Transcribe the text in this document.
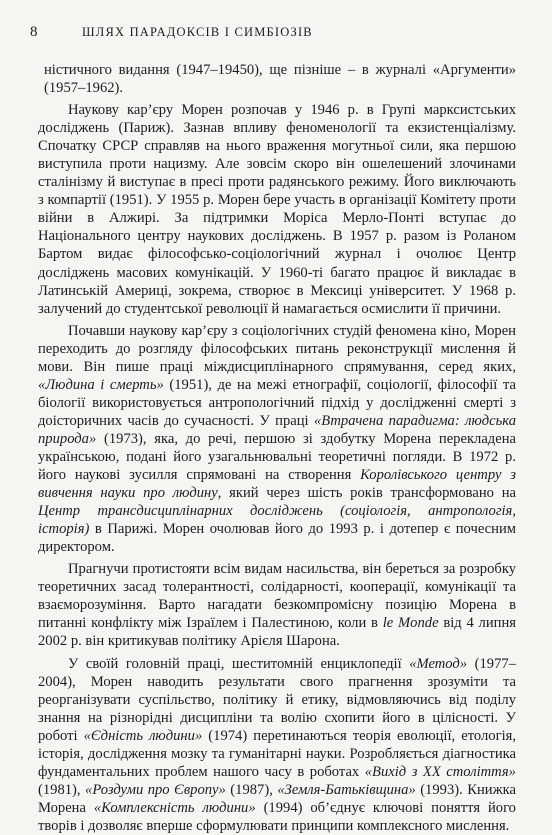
8	ШЛЯХ ПАРАДОКСІВ І СИМБІОЗІВ

ністичного видання (1947–19450), ще пізніше – в журналі «Аргументи» (1957–1962).

Наукову кар’єру Морен розпочав у 1946 р. в Групі марксистських досліджень (Париж). Зазнав впливу феноменології та екзистенціалізму. Спочатку СРСР справляв на нього враження могутньої сили, яка першою виступила проти нацизму. Але зовсім скоро він ошелешений злочинами сталінізму й виступає в пресі проти радянського режиму. Його виключають з компартії (1951). У 1955 р. Морен бере участь в організації Комітету проти війни в Алжирі. За підтримки Моріса Мерло-Понті вступає до Національного центру наукових досліджень. В 1957 р. разом із Роланом Бартом видає філософсько-соціологічний журнал і очолює Центр досліджень масових комунікацій. У 1960-ті багато працює й викладає в Латинській Америці, зокрема, створює в Мексиці університет. У 1968 р. залучений до студентської революції й намагається осмислити її причини.

Почавши наукову кар’єру з соціологічних студій феномена кіно, Морен переходить до розгляду філософських питань реконструкції мислення й мови. Він пише праці міждисциплінарного спрямування, серед яких, «Людина і смерть» (1951), де на межі етнографії, соціології, філософії та біології використовується антропологічний підхід у дослідженні смерті з доісторичних часів до сучасності. У праці «Втрачена парадигма: людська природа» (1973), яка, до речі, першою зі здобутку Морена перекладена українською, подані його узагальнювальні теоретичні погляди. В 1972 р. його наукові зусилля спрямовані на створення Королівського центру з вивчення науки про людину, який через шість років трансформовано на Центр трансдисциплінарних досліджень (соціологія, антропологія, історія) в Парижі. Морен очолював його до 1993 р. і дотепер є почесним директором.

Прагнучи протистояти всім видам насильства, він береться за розробку теоретичних засад толерантності, солідарності, кооперації, комунікації та взаєморозуміння. Варто нагадати безкомпромісну позицію Морена в питанні конфлікту між Ізраїлем і Палестиною, коли в le Monde від 4 липня 2002 р. він критикував політику Арієля Шарона.

У своїй головній праці, шеститомній енциклопедії «Метод» (1977–2004), Морен наводить результати свого прагнення зрозуміти та реорганізувати суспільство, політику й етику, відмовляючись від поділу знання на різнорідні дисципліни та волію схопити його в цілісності. У роботі «Єдність людини» (1974) перетинаються теорія еволюції, етологія, історія, дослідження мозку та гуманітарні науки. Розробляється діагностика фундаментальних проблем нашого часу в роботах «Вихід з ХХ століття» (1981), «Роздуми про Європу» (1987), «Земля-Батьківщина» (1993). Книжка Морена «Комплексність людини» (1994) об’єднує ключові поняття його творів і дозволяє вперше сформулювати принципи комплексного мислення.
